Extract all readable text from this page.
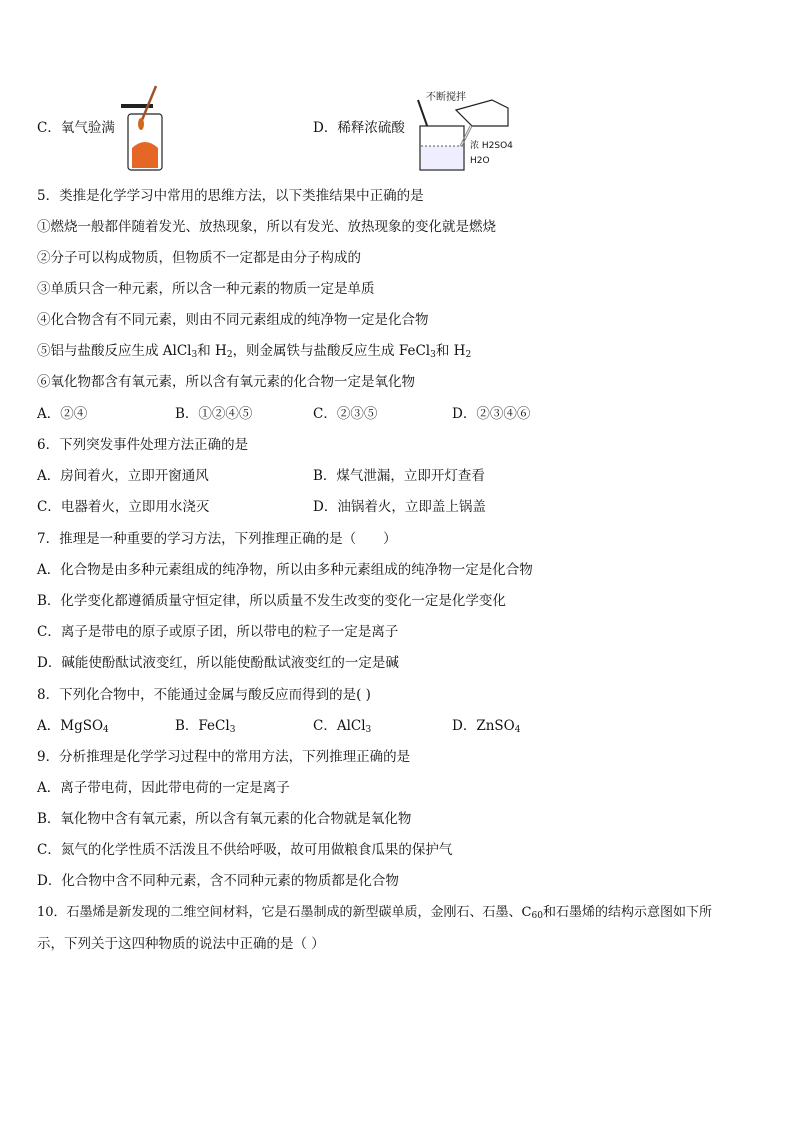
C．氧气验满	D．稀释浓硫酸
不断搅拌
浓 H2SO4
H2O
5．类推是化学学习中常用的思维方法，以下类推结果中正确的是
①燃烧一般都伴随着发光、放热现象，所以有发光、放热现象的变化就是燃烧
②分子可以构成物质，但物质不一定都是由分子构成的
③单质只含一种元素，所以含一种元素的物质一定是单质
④化合物含有不同元素，则由不同元素组成的纯净物一定是化合物
⑤铝与盐酸反应生成 AlCl$_3$和 $H_2$，则金属铁与盐酸反应生成 FeCl$_3$和 $H_2$
⑥氧化物都含有氧元素，所以含有氧元素的化合物一定是氧化物
A．②④	B．①②④⑤	C．②③⑤	D．②③④⑥
6．下列突发事件处理方法正确的是
A．房间着火，立即开窗通风	B．煤气泄漏，立即开灯查看
C．电器着火，立即用水浇灭	D．油锅着火，立即盖上锅盖
7．推理是一种重要的学习方法，下列推理正确的是（　　）
A．化合物是由多种元素组成的纯净物，所以由多种元素组成的纯净物一定是化合物
B．化学变化都遵循质量守恒定律，所以质量不发生改变的变化一定是化学变化
C．离子是带电的原子或原子团，所以带电的粒子一定是离子
D．碱能使酚酞试液变红，所以能使酚酞试液变红的一定是碱
8．下列化合物中，不能通过金属与酸反应而得到的是( )
A．MgSO$_4$	B．FeCl$_3$	C．AlCl$_3$	D．ZnSO$_4$
9．分析推理是化学学习过程中的常用方法，下列推理正确的是
A．离子带电荷，因此带电荷的一定是离子
B．氧化物中含有氧元素，所以含有氧元素的化合物就是氧化物
C．氮气的化学性质不活泼且不供给呼吸，故可用做粮食瓜果的保护气
D．化合物中含不同种元素，含不同种元素的物质都是化合物
10．石墨烯是新发现的二维空间材料，它是石墨制成的新型碳单质，金刚石、石墨、$C_{60}$和石墨烯的结构示意图如下所
示，下列关于这四种物质的说法中正确的是（ ）
